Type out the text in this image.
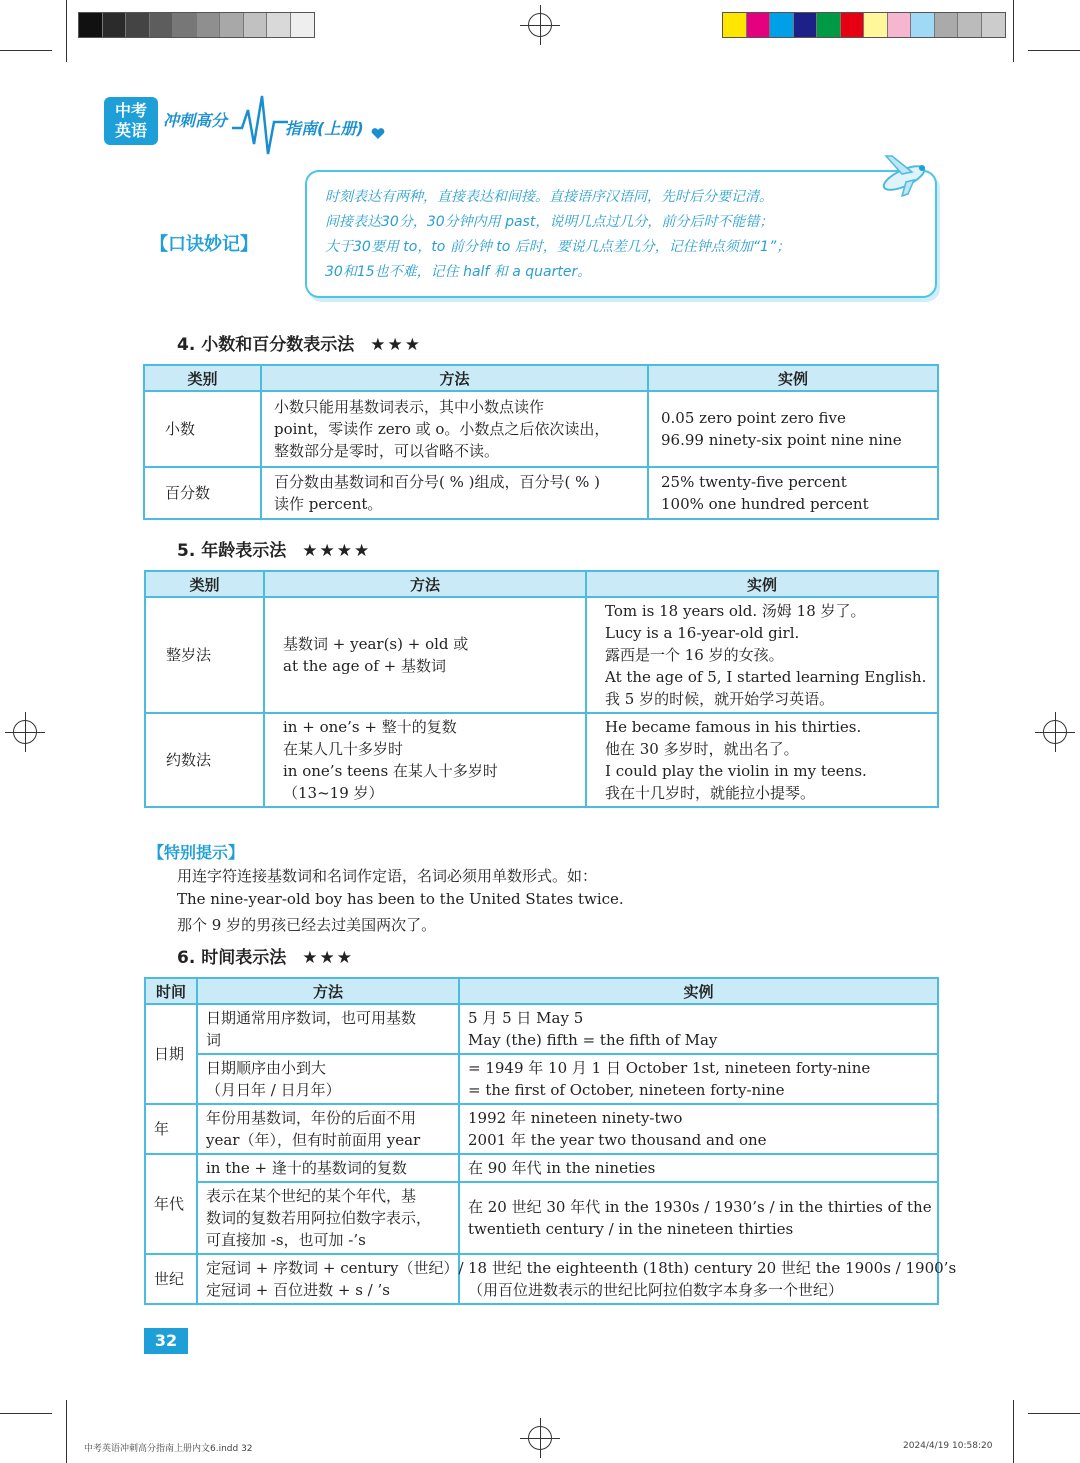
中考
英语
冲刺高分	指南(上册)
【口诀妙记】
时刻表达有两种，直接表达和间接。直接语序汉语同，先时后分要记清。
间接表达30分，30分钟内用 past，说明几点过几分，前分后时不能错；
大于30要用 to，to 前分钟 to 后时，要说几点差几分，记住钟点须加“1”；
30和15也不难，记住 half 和 a quarter。
4. 小数和百分数表示法 ★★★
类别	方法	实例
小数	小数只能用基数词表示，其中小数点读作
point，零读作 zero 或 o。小数点之后依次读出，
整数部分是零时，可以省略不读。	0.05 zero point zero five
96.99 ninety-six point nine nine

百分数	百分数由基数词和百分号( % )组成，百分号( % )
读作 percent。	25% twenty-five percent
100% one hundred percent
5. 年龄表示法 ★★★★
类别	方法	实例
整岁法	基数词 + year(s) + old 或
at the age of + 基数词	Tom is 18 years old. 汤姆 18 岁了。
Lucy is a 16-year-old girl.
露西是一个 16 岁的女孩。
At the age of 5, I started learning English.
我 5 岁的时候，就开始学习英语。

约数法	in + one’s + 整十的复数
在某人几十多岁时
in one’s teens 在某人十多岁时
（13~19 岁）	He became famous in his thirties.
他在 30 多岁时，就出名了。
I could play the violin in my teens.
我在十几岁时，就能拉小提琴。
【特别提示】
用连字符连接基数词和名词作定语，名词必须用单数形式。如：
The nine-year-old boy has been to the United States twice.
那个 9 岁的男孩已经去过美国两次了。
6. 时间表示法 ★★★
时间	方法	实例
日期	日期通常用序数词，也可用基数
词	5 月 5 日 May 5
May (the) fifth = the fifth of May

	日期顺序由小到大
（月日年 / 日月年）	= 1949 年 10 月 1 日 October 1st, nineteen forty-nine
= the first of October, nineteen forty-nine

年	年份用基数词，年份的后面不用
year（年），但有时前面用 year	1992 年 nineteen ninety-two
2001 年 the year two thousand and one

年代	in the + 逢十的基数词的复数	在 90 年代 in the nineties

	表示在某个世纪的某个年代，基
数词的复数若用阿拉伯数字表示，
可直接加 -s，也可加 -’s	在 20 世纪 30 年代 in the 1930s / 1930’s / in the thirties of the
twentieth century / in the nineteen thirties

世纪	定冠词 + 序数词 + century（世纪）/
定冠词 + 百位进数 + s / ’s	18 世纪 the eighteenth (18th) century 20 世纪 the 1900s / 1900’s
（用百位进数表示的世纪比阿拉伯数字本身多一个世纪）
32
中考英语冲刺高分指南上册内文6.indd 32	2024/4/19 10:58:20
